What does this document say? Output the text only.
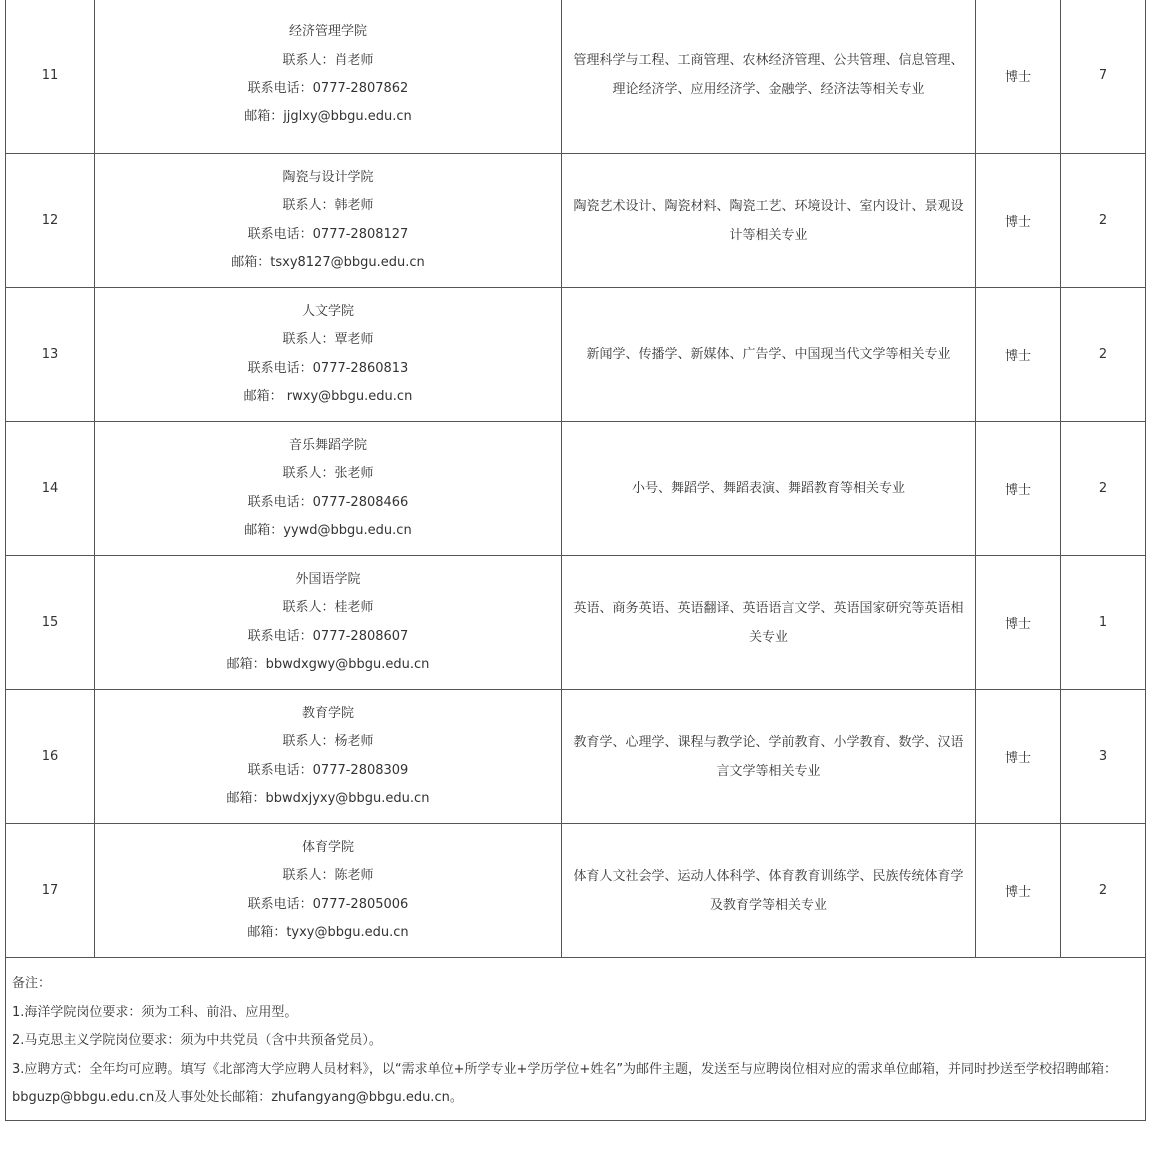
11	经济管理学院
联系人：肖老师
联系电话：0777-2807862
邮箱：jjglxy@bbgu.edu.cn	管理科学与工程、工商管理、农林经济管理、公共管理、信息管理、理论经济学、应用经济学、金融学、经济法等相关专业	博士	7
12	陶瓷与设计学院
联系人：韩老师
联系电话：0777-2808127
邮箱：tsxy8127@bbgu.edu.cn	陶瓷艺术设计、陶瓷材料、陶瓷工艺、环境设计、室内设计、景观设计等相关专业	博士	2
13	人文学院
联系人：覃老师
联系电话：0777-2860813
邮箱： rwxy@bbgu.edu.cn	新闻学、传播学、新媒体、广告学、中国现当代文学等相关专业	博士	2
14	音乐舞蹈学院
联系人：张老师
联系电话：0777-2808466
邮箱：yywd@bbgu.edu.cn	小号、舞蹈学、舞蹈表演、舞蹈教育等相关专业	博士	2
15	外国语学院
联系人：桂老师
联系电话：0777-2808607
邮箱：bbwdxgwy@bbgu.edu.cn	英语、商务英语、英语翻译、英语语言文学、英语国家研究等英语相关专业	博士	1
16	教育学院
联系人：杨老师
联系电话：0777-2808309
邮箱：bbwdxjyxy@bbgu.edu.cn	教育学、心理学、课程与教学论、学前教育、小学教育、数学、汉语言文学等相关专业	博士	3
17	体育学院
联系人：陈老师
联系电话：0777-2805006
邮箱：tyxy@bbgu.edu.cn	体育人文社会学、运动人体科学、体育教育训练学、民族传统体育学及教育学等相关专业	博士	2

备注：
1.海洋学院岗位要求：须为工科、前沿、应用型。
2.马克思主义学院岗位要求：须为中共党员（含中共预备党员）。
3.应聘方式：全年均可应聘。填写《北部湾大学应聘人员材料》，以“需求单位+所学专业+学历学位+姓名”为邮件主题，发送至与应聘岗位相对应的需求单位邮箱，并同时抄送至学校招聘邮箱：bbguzp@bbgu.edu.cn及人事处处长邮箱：zhufangyang@bbgu.edu.cn。				
